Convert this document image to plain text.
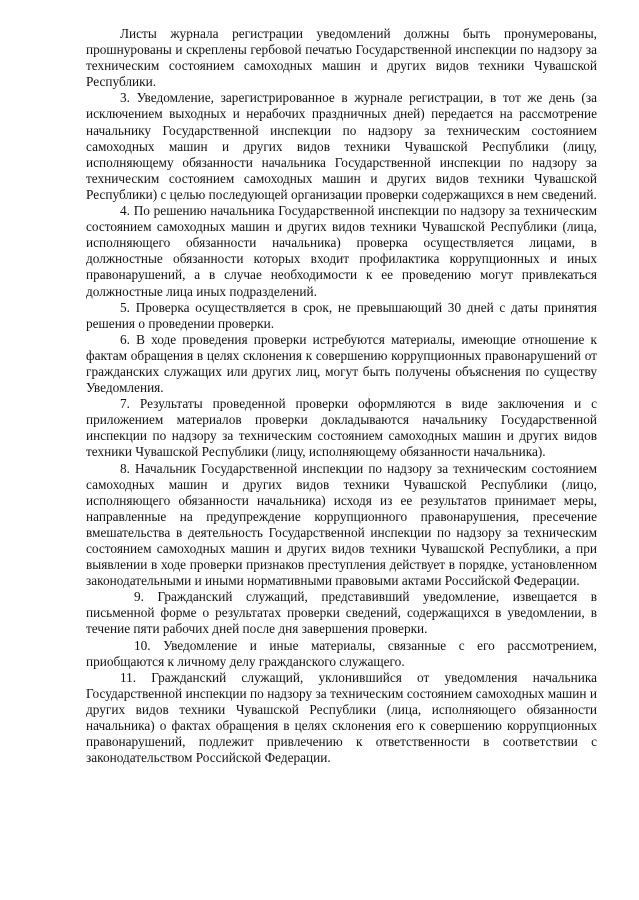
Листы журнала регистрации уведомлений должны быть пронумерованы, прошнурованы и скреплены гербовой печатью Государственной инспекции по надзору за техническим состоянием самоходных машин и других видов техники Чувашской Республики.

3. Уведомление, зарегистрированное в журнале регистрации, в тот же день (за исключением выходных и нерабочих праздничных дней) передается на рассмотрение начальнику Государственной инспекции по надзору за техническим состоянием самоходных машин и других видов техники Чувашской Республики (лицу, исполняющему обязанности начальника Государственной инспекции по надзору за техническим состоянием самоходных машин и других видов техники Чувашской Республики) с целью последующей организации проверки содержащихся в нем сведений.

4. По решению начальника Государственной инспекции по надзору за техническим состоянием самоходных машин и других видов техники Чувашской Республики (лица, исполняющего обязанности начальника) проверка осуществляется лицами, в должностные обязанности которых входит профилактика коррупционных и иных правонарушений, а в случае необходимости к ее проведению могут привлекаться должностные лица иных подразделений.

5. Проверка осуществляется в срок, не превышающий 30 дней с даты принятия решения о проведении проверки.

6. В ходе проведения проверки истребуются материалы, имеющие отношение к фактам обращения в целях склонения к совершению коррупционных правонарушений от гражданских служащих или других лиц, могут быть получены объяснения по существу Уведомления.

7. Результаты проведенной проверки оформляются в виде заключения и с приложением материалов проверки докладываются начальнику Государственной инспекции по надзору за техническим состоянием самоходных машин и других видов техники Чувашской Республики (лицу, исполняющему обязанности начальника).

8. Начальник Государственной инспекции по надзору за техническим состоянием самоходных машин и других видов техники Чувашской Республики (лицо, исполняющего обязанности начальника) исходя из ее результатов принимает меры, направленные на предупреждение коррупционного правонарушения, пресечение вмешательства в деятельность Государственной инспекции по надзору за техническим состоянием самоходных машин и других видов техники Чувашской Республики, а при выявлении в ходе проверки признаков преступления действует в порядке, установленном законодательными и иными нормативными правовыми актами Российской Федерации.

9. Гражданский служащий, представивший уведомление, извещается в письменной форме о результатах проверки сведений, содержащихся в уведомлении, в течение пяти рабочих дней после дня завершения проверки.

10. Уведомление и иные материалы, связанные с его рассмотрением, приобщаются к личному делу гражданского служащего.

11. Гражданский служащий, уклонившийся от уведомления начальника Государственной инспекции по надзору за техническим состоянием самоходных машин и других видов техники Чувашской Республики (лица, исполняющего обязанности начальника) о фактах обращения в целях склонения его к совершению коррупционных правонарушений, подлежит привлечению к ответственности в соответствии с законодательством Российской Федерации.
